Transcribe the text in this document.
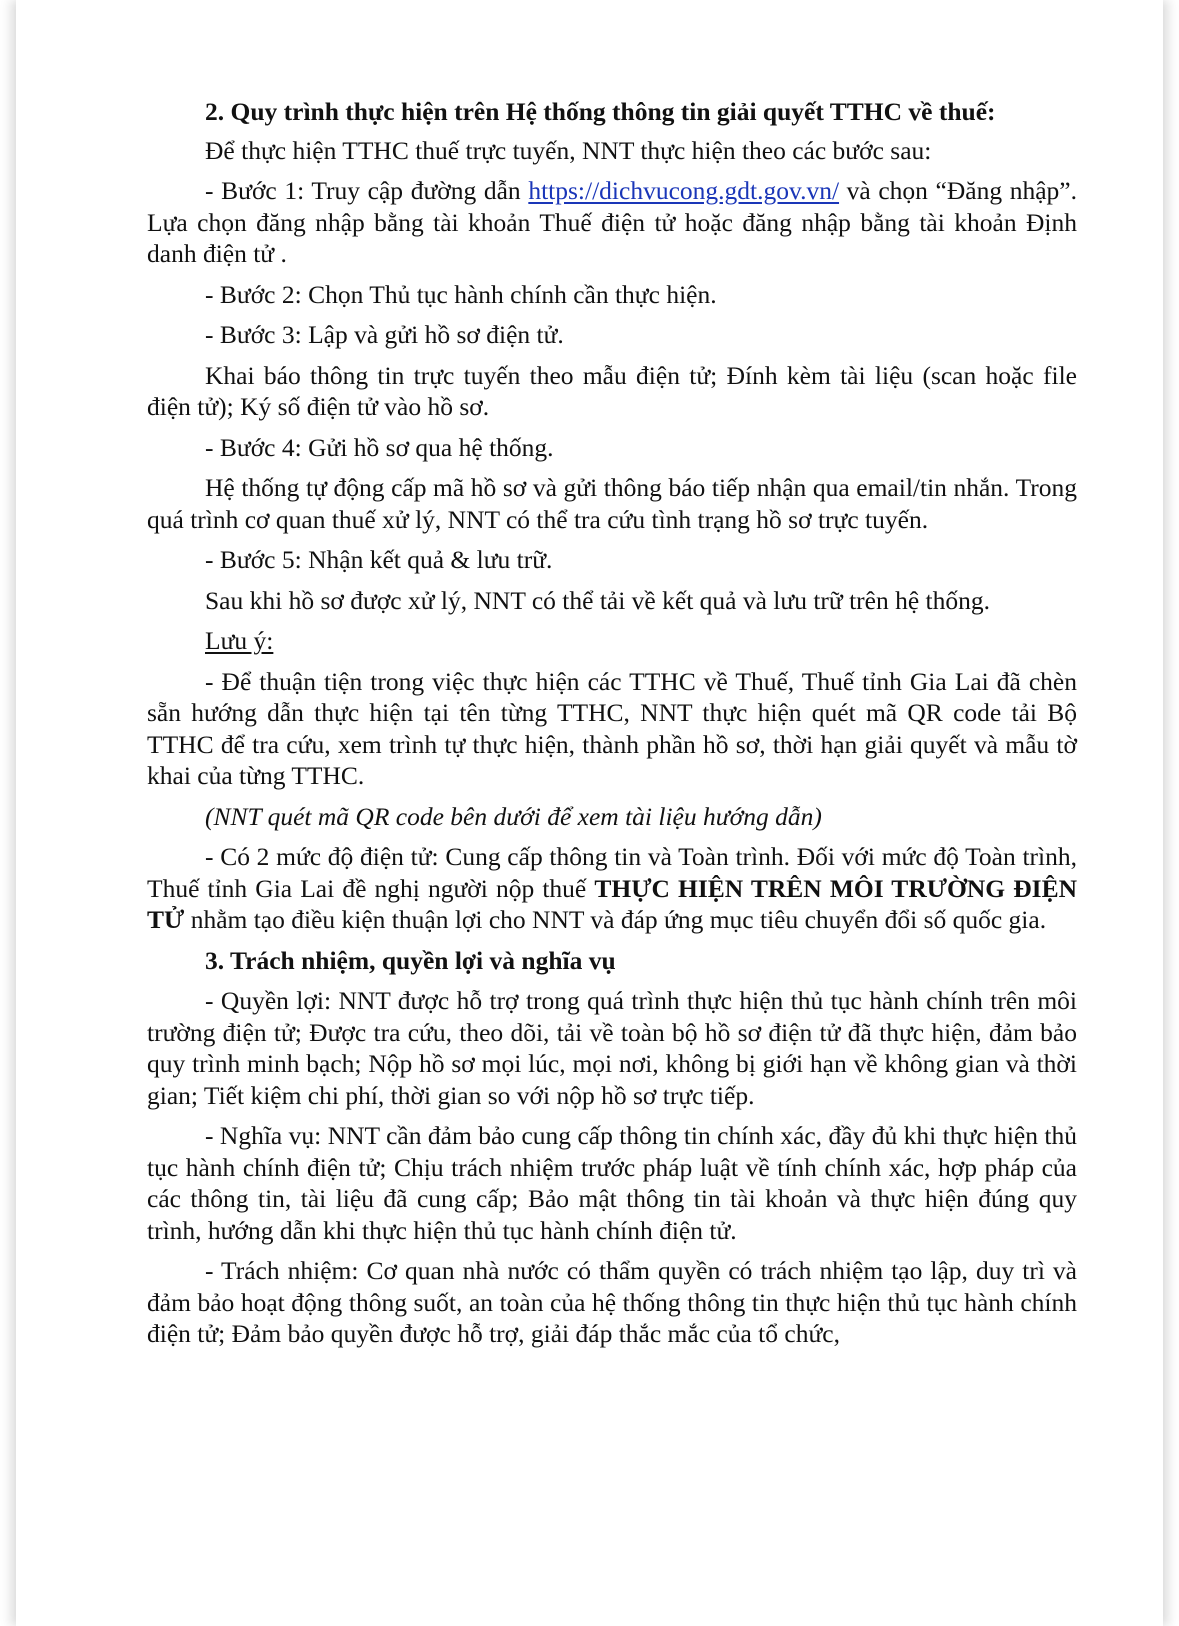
2. Quy trình thực hiện trên Hệ thống thông tin giải quyết TTHC về thuế:

Để thực hiện TTHC thuế trực tuyến, NNT thực hiện theo các bước sau:

- Bước 1: Truy cập đường dẫn https://dichvucong.gdt.gov.vn/ và chọn “Đăng nhập”. Lựa chọn đăng nhập bằng tài khoản Thuế điện tử hoặc đăng nhập bằng tài khoản Định danh điện tử .

- Bước 2: Chọn Thủ tục hành chính cần thực hiện.

- Bước 3: Lập và gửi hồ sơ điện tử.

Khai báo thông tin trực tuyến theo mẫu điện tử; Đính kèm tài liệu (scan hoặc file điện tử); Ký số điện tử vào hồ sơ.

- Bước 4: Gửi hồ sơ qua hệ thống.

Hệ thống tự động cấp mã hồ sơ và gửi thông báo tiếp nhận qua email/tin nhắn. Trong quá trình cơ quan thuế xử lý, NNT có thể tra cứu tình trạng hồ sơ trực tuyến.

- Bước 5: Nhận kết quả & lưu trữ.

Sau khi hồ sơ được xử lý, NNT có thể tải về kết quả và lưu trữ trên hệ thống.

Lưu ý:

- Để thuận tiện trong việc thực hiện các TTHC về Thuế, Thuế tỉnh Gia Lai đã chèn sẵn hướng dẫn thực hiện tại tên từng TTHC, NNT thực hiện quét mã QR code tải Bộ TTHC để tra cứu, xem trình tự thực hiện, thành phần hồ sơ, thời hạn giải quyết và mẫu tờ khai của từng TTHC.

(NNT quét mã QR code bên dưới để xem tài liệu hướng dẫn)

- Có 2 mức độ điện tử: Cung cấp thông tin và Toàn trình. Đối với mức độ Toàn trình, Thuế tỉnh Gia Lai đề nghị người nộp thuế THỰC HIỆN TRÊN MÔI TRƯỜNG ĐIỆN TỬ nhằm tạo điều kiện thuận lợi cho NNT và đáp ứng mục tiêu chuyển đổi số quốc gia.

3. Trách nhiệm, quyền lợi và nghĩa vụ

- Quyền lợi: NNT được hỗ trợ trong quá trình thực hiện thủ tục hành chính trên môi trường điện tử; Được tra cứu, theo dõi, tải về toàn bộ hồ sơ điện tử đã thực hiện, đảm bảo quy trình minh bạch; Nộp hồ sơ mọi lúc, mọi nơi, không bị giới hạn về không gian và thời gian; Tiết kiệm chi phí, thời gian so với nộp hồ sơ trực tiếp.

- Nghĩa vụ: NNT cần đảm bảo cung cấp thông tin chính xác, đầy đủ khi thực hiện thủ tục hành chính điện tử; Chịu trách nhiệm trước pháp luật về tính chính xác, hợp pháp của các thông tin, tài liệu đã cung cấp; Bảo mật thông tin tài khoản và thực hiện đúng quy trình, hướng dẫn khi thực hiện thủ tục hành chính điện tử.

- Trách nhiệm: Cơ quan nhà nước có thẩm quyền có trách nhiệm tạo lập, duy trì và đảm bảo hoạt động thông suốt, an toàn của hệ thống thông tin thực hiện thủ tục hành chính điện tử; Đảm bảo quyền được hỗ trợ, giải đáp thắc mắc của tổ chức,
